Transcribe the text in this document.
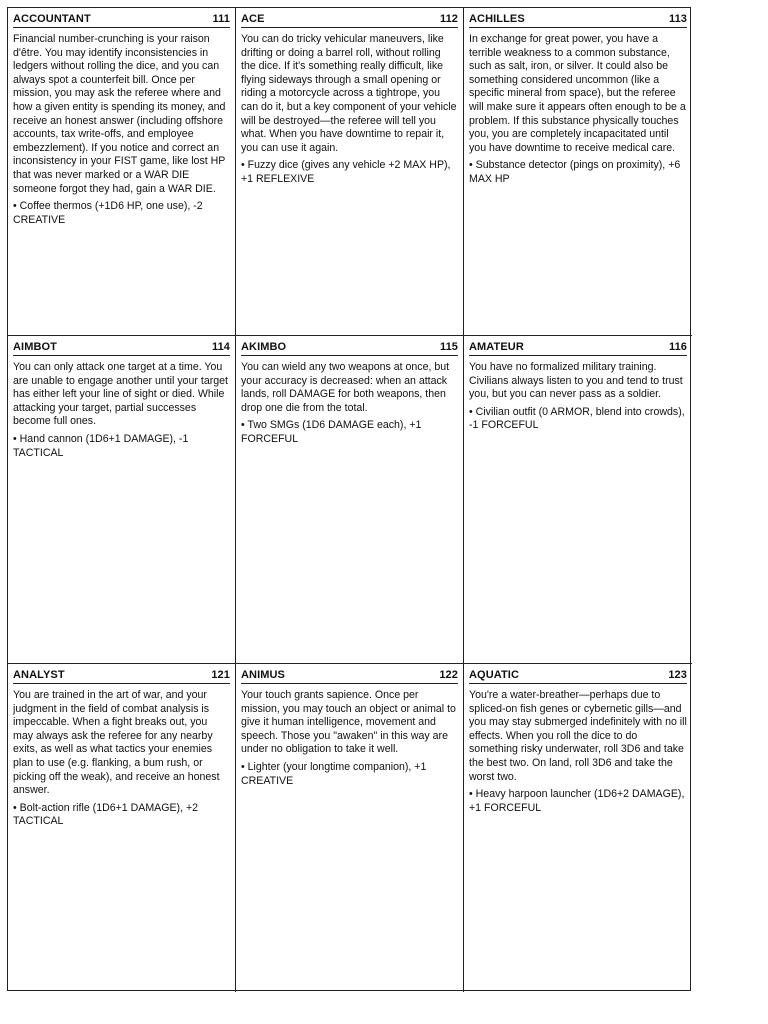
ACCOUNTANT	111

Financial number-crunching is your raison d'être. You may identify inconsistencies in ledgers without rolling the dice, and you can always spot a counterfeit bill. Once per mission, you may ask the referee where and how a given entity is spending its money, and receive an honest answer (including offshore accounts, tax write-offs, and employee embezzlement). If you notice and correct an inconsistency in your FIST game, like lost HP that was never marked or a WAR DIE someone forgot they had, gain a WAR DIE.

• Coffee thermos (+1D6 HP, one use), -2 CREATIVE

ACE	112

You can do tricky vehicular maneuvers, like drifting or doing a barrel roll, without rolling the dice. If it's something really difficult, like flying sideways through a small opening or riding a motorcycle across a tightrope, you can do it, but a key component of your vehicle will be destroyed—the referee will tell you what. When you have downtime to repair it, you can use it again.

• Fuzzy dice (gives any vehicle +2 MAX HP), +1 REFLEXIVE

ACHILLES	113

In exchange for great power, you have a terrible weakness to a common substance, such as salt, iron, or silver. It could also be something considered uncommon (like a specific mineral from space), but the referee will make sure it appears often enough to be a problem. If this substance physically touches you, you are completely incapacitated until you have downtime to receive medical care.

• Substance detector (pings on proximity), +6 MAX HP

AIMBOT	114

You can only attack one target at a time. You are unable to engage another until your target has either left your line of sight or died. While attacking your target, partial successes become full ones.

• Hand cannon (1D6+1 DAMAGE), -1 TACTICAL

AKIMBO	115

You can wield any two weapons at once, but your accuracy is decreased: when an attack lands, roll DAMAGE for both weapons, then drop one die from the total.

• Two SMGs (1D6 DAMAGE each), +1 FORCEFUL

AMATEUR	116

You have no formalized military training. Civilians always listen to you and tend to trust you, but you can never pass as a soldier.

• Civilian outfit (0 ARMOR, blend into crowds), -1 FORCEFUL

ANALYST	121

You are trained in the art of war, and your judgment in the field of combat analysis is impeccable. When a fight breaks out, you may always ask the referee for any nearby exits, as well as what tactics your enemies plan to use (e.g. flanking, a bum rush, or picking off the weak), and receive an honest answer.

• Bolt-action rifle (1D6+1 DAMAGE), +2 TACTICAL

ANIMUS	122

Your touch grants sapience. Once per mission, you may touch an object or animal to give it human intelligence, movement and speech. Those you "awaken" in this way are under no obligation to take it well.

• Lighter (your longtime companion), +1 CREATIVE

AQUATIC	123

You're a water-breather—perhaps due to spliced-on fish genes or cybernetic gills—and you may stay submerged indefinitely with no ill effects. When you roll the dice to do something risky underwater, roll 3D6 and take the best two. On land, roll 3D6 and take the worst two.

• Heavy harpoon launcher (1D6+2 DAMAGE), +1 FORCEFUL
